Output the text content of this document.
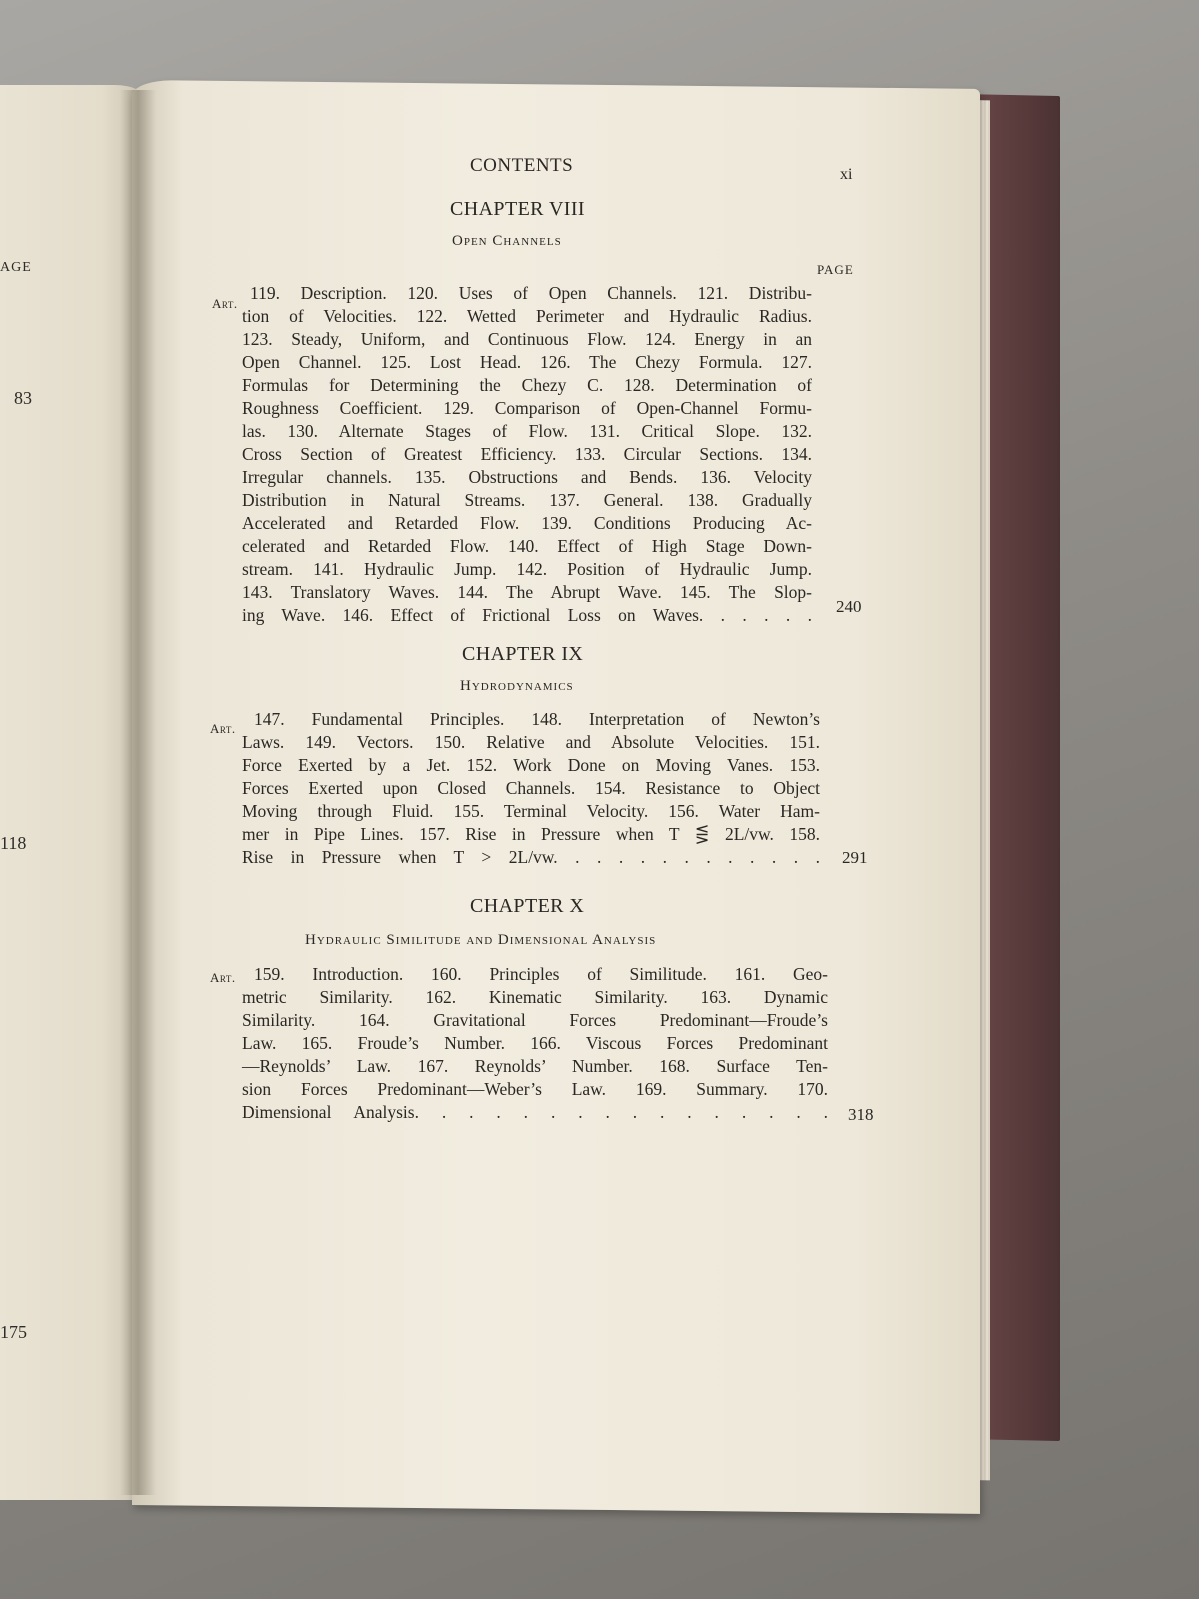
AGE
83
118
175
CONTENTS	xi
CHAPTER VIII
Open Channels
PAGE
Art.
119. Description. 120. Uses of Open Channels. 121. Distribu-
tion of Velocities. 122. Wetted Perimeter and Hydraulic Radius.
123. Steady, Uniform, and Continuous Flow. 124. Energy in an
Open Channel. 125. Lost Head. 126. The Chezy Formula. 127.
Formulas for Determining the Chezy C. 128. Determination of
Roughness Coefficient. 129. Comparison of Open-Channel Formu-
las. 130. Alternate Stages of Flow. 131. Critical Slope. 132.
Cross Section of Greatest Efficiency. 133. Circular Sections. 134.
Irregular channels. 135. Obstructions and Bends. 136. Velocity
Distribution in Natural Streams. 137. General. 138. Gradually
Accelerated and Retarded Flow. 139. Conditions Producing Ac-
celerated and Retarded Flow. 140. Effect of High Stage Down-
stream. 141. Hydraulic Jump. 142. Position of Hydraulic Jump.
143. Translatory Waves. 144. The Abrupt Wave. 145. The Slop-
ing Wave. 146. Effect of Frictional Loss on Waves. . . . . . 240
CHAPTER IX
Hydrodynamics
Art.	147. Fundamental Principles. 148. Interpretation of Newton’s
Laws. 149. Vectors. 150. Relative and Absolute Velocities. 151.
Force Exerted by a Jet. 152. Work Done on Moving Vanes. 153.
Forces Exerted upon Closed Channels. 154. Resistance to Object
Moving through Fluid. 155. Terminal Velocity. 156. Water Ham-
mer in Pipe Lines. 157. Rise in Pressure when T ⋚ 2L/vw. 158.
Rise in Pressure when T > 2L/vw. . . . . . . . . . . . . 291
CHAPTER X
Hydraulic Similitude and Dimensional Analysis
Art.	159. Introduction. 160. Principles of Similitude. 161. Geo-
metric Similarity. 162. Kinematic Similarity. 163. Dynamic
Similarity. 164. Gravitational Forces Predominant—Froude’s
Law. 165. Froude’s Number. 166. Viscous Forces Predominant
—Reynolds’ Law. 167. Reynolds’ Number. 168. Surface Ten-
sion Forces Predominant—Weber’s Law. 169. Summary. 170.
Dimensional Analysis. . . . . . . . . . . . . . . . 318
